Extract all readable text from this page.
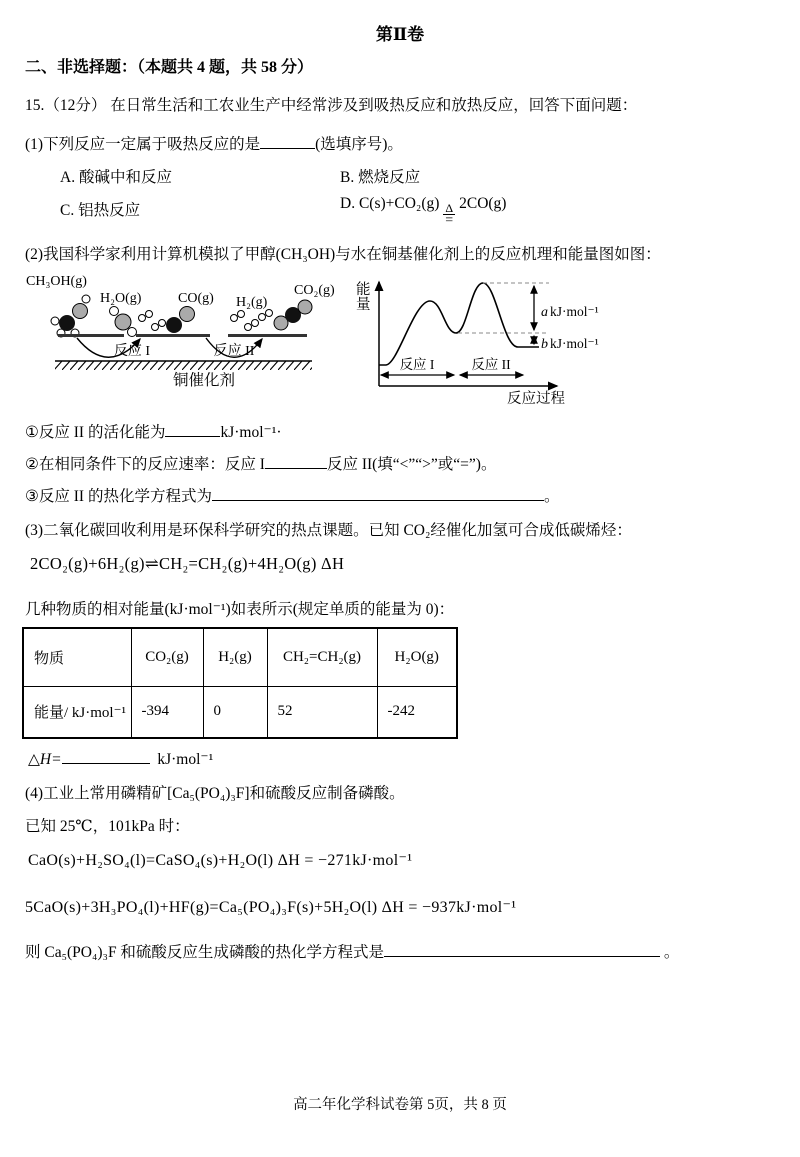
第Ⅱ卷
二、非选择题：（本题共 4 题，共 58 分）
15.（12分） 在日常生活和工农业生产中经常涉及到吸热反应和放热反应，回答下面问题：
(1)下列反应一定属于吸热反应的是	(选填序号)。
A. 酸碱中和反应	B. 燃烧反应
C. 铝热反应	D. C(s)+CO₂(g) Δ
=
2CO(g)
(2)我国科学家利用计算机模拟了甲醇(CH₃OH)与水在铜基催化剂上的反应机理和能量图如图：
CH₃OH(g)
H₂O(g)	CO(g) H₂(g)
CO₂(g)
反应 I	反应 II
铜催化剂
能
量
反应过程
a kJ·mol⁻¹
b kJ·mol⁻¹
反应 I	反应 II
①反应 II 的活化能为	kJ·mol⁻¹·
②在相同条件下的反应速率：反应 I	反应 II(填“<”“>”或“=”)。
③反应 II 的热化学方程式为	。
(3)二氧化碳回收利用是环保科学研究的热点课题。已知 CO₂经催化加氢可合成低碳烯烃：
2CO₂(g)+6H₂(g)⇌CH₂=CH₂(g)+4H₂O(g) ΔH
几种物质的相对能量(kJ·mol⁻¹)如表所示(规定单质的能量为 0)：
物质	CO₂(g)	H₂(g)	CH₂=CH₂(g)	H₂O(g)
能量/ kJ·mol⁻¹	-394	0	52	-242
△H=	kJ·mol⁻¹
(4)工业上常用磷精矿[Ca₅(PO₄)₃F]和硫酸反应制备磷酸。
已知 25℃，101kPa 时：
CaO(s)+H₂SO₄(l)=CaSO₄(s)+H₂O(l) ΔH = −271kJ·mol⁻¹
5CaO(s)+3H₃PO₄(l)+HF(g)=Ca₅(PO₄)₃F(s)+5H₂O(l) ΔH = −937kJ·mol⁻¹
则 Ca₅(PO₄)₃F 和硫酸反应生成磷酸的热化学方程式是	。
高二年化学科试卷第 5页，共 8 页
